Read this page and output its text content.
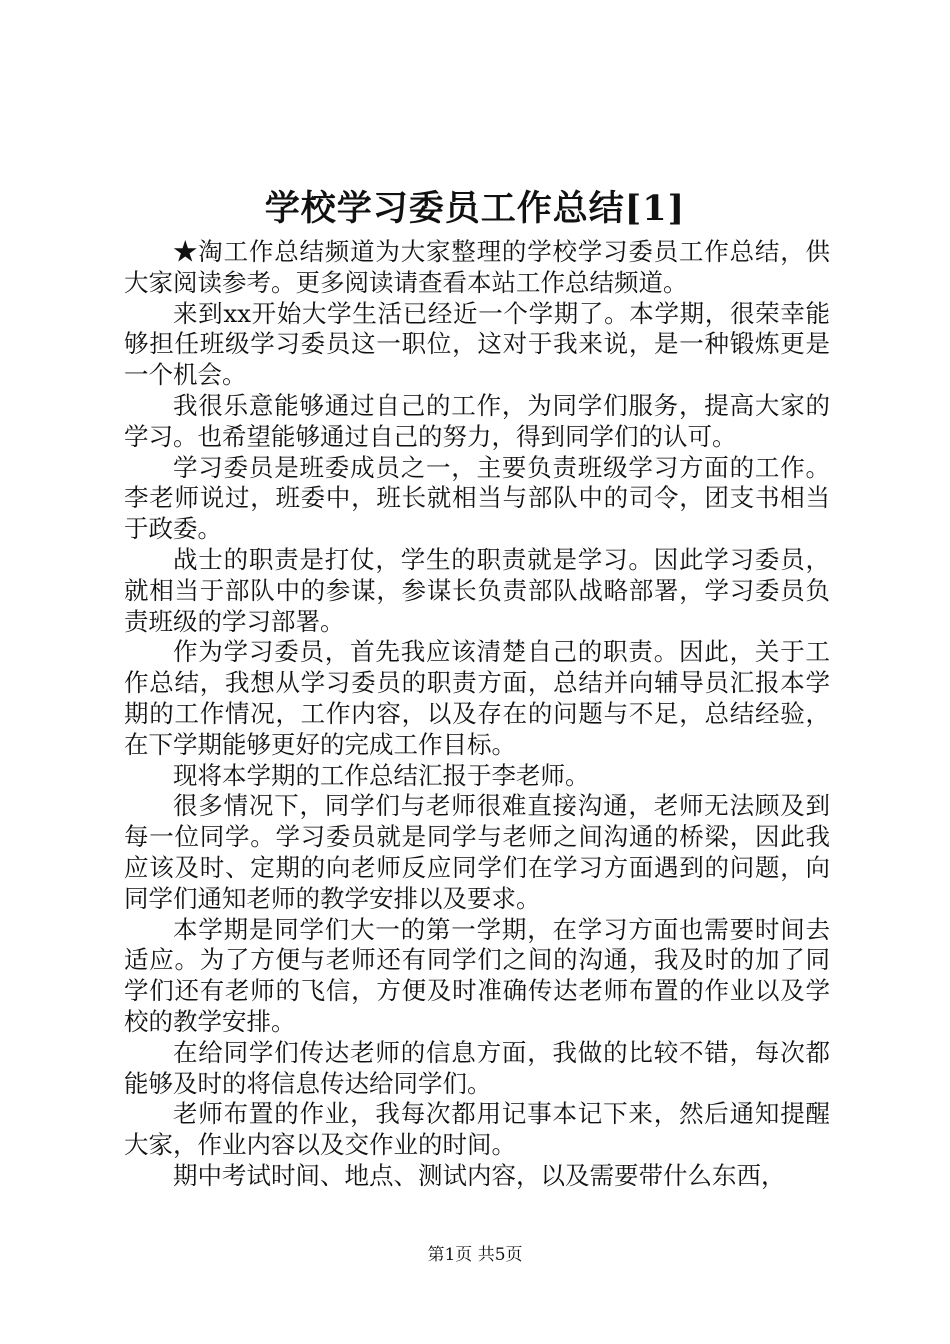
学校学习委员工作总结[1]

★淘工作总结频道为大家整理的学校学习委员工作总结，供大家阅读参考。更多阅读请查看本站工作总结频道。

来到xx开始大学生活已经近一个学期了。本学期，很荣幸能够担任班级学习委员这一职位，这对于我来说，是一种锻炼更是一个机会。

我很乐意能够通过自己的工作，为同学们服务，提高大家的学习。也希望能够通过自己的努力，得到同学们的认可。

学习委员是班委成员之一，主要负责班级学习方面的工作。李老师说过，班委中，班长就相当与部队中的司令，团支书相当于政委。

战士的职责是打仗，学生的职责就是学习。因此学习委员，就相当于部队中的参谋，参谋长负责部队战略部署，学习委员负责班级的学习部署。

作为学习委员，首先我应该清楚自己的职责。因此，关于工作总结，我想从学习委员的职责方面，总结并向辅导员汇报本学期的工作情况，工作内容，以及存在的问题与不足，总结经验，在下学期能够更好的完成工作目标。

现将本学期的工作总结汇报于李老师。

很多情况下，同学们与老师很难直接沟通，老师无法顾及到每一位同学。学习委员就是同学与老师之间沟通的桥梁，因此我应该及时、定期的向老师反应同学们在学习方面遇到的问题，向同学们通知老师的教学安排以及要求。

本学期是同学们大一的第一学期，在学习方面也需要时间去适应。为了方便与老师还有同学们之间的沟通，我及时的加了同学们还有老师的飞信，方便及时准确传达老师布置的作业以及学校的教学安排。

在给同学们传达老师的信息方面，我做的比较不错，每次都能够及时的将信息传达给同学们。

老师布置的作业，我每次都用记事本记下来，然后通知提醒大家，作业内容以及交作业的时间。

期中考试时间、地点、测试内容，以及需要带什么东西，

第1页 共5页
